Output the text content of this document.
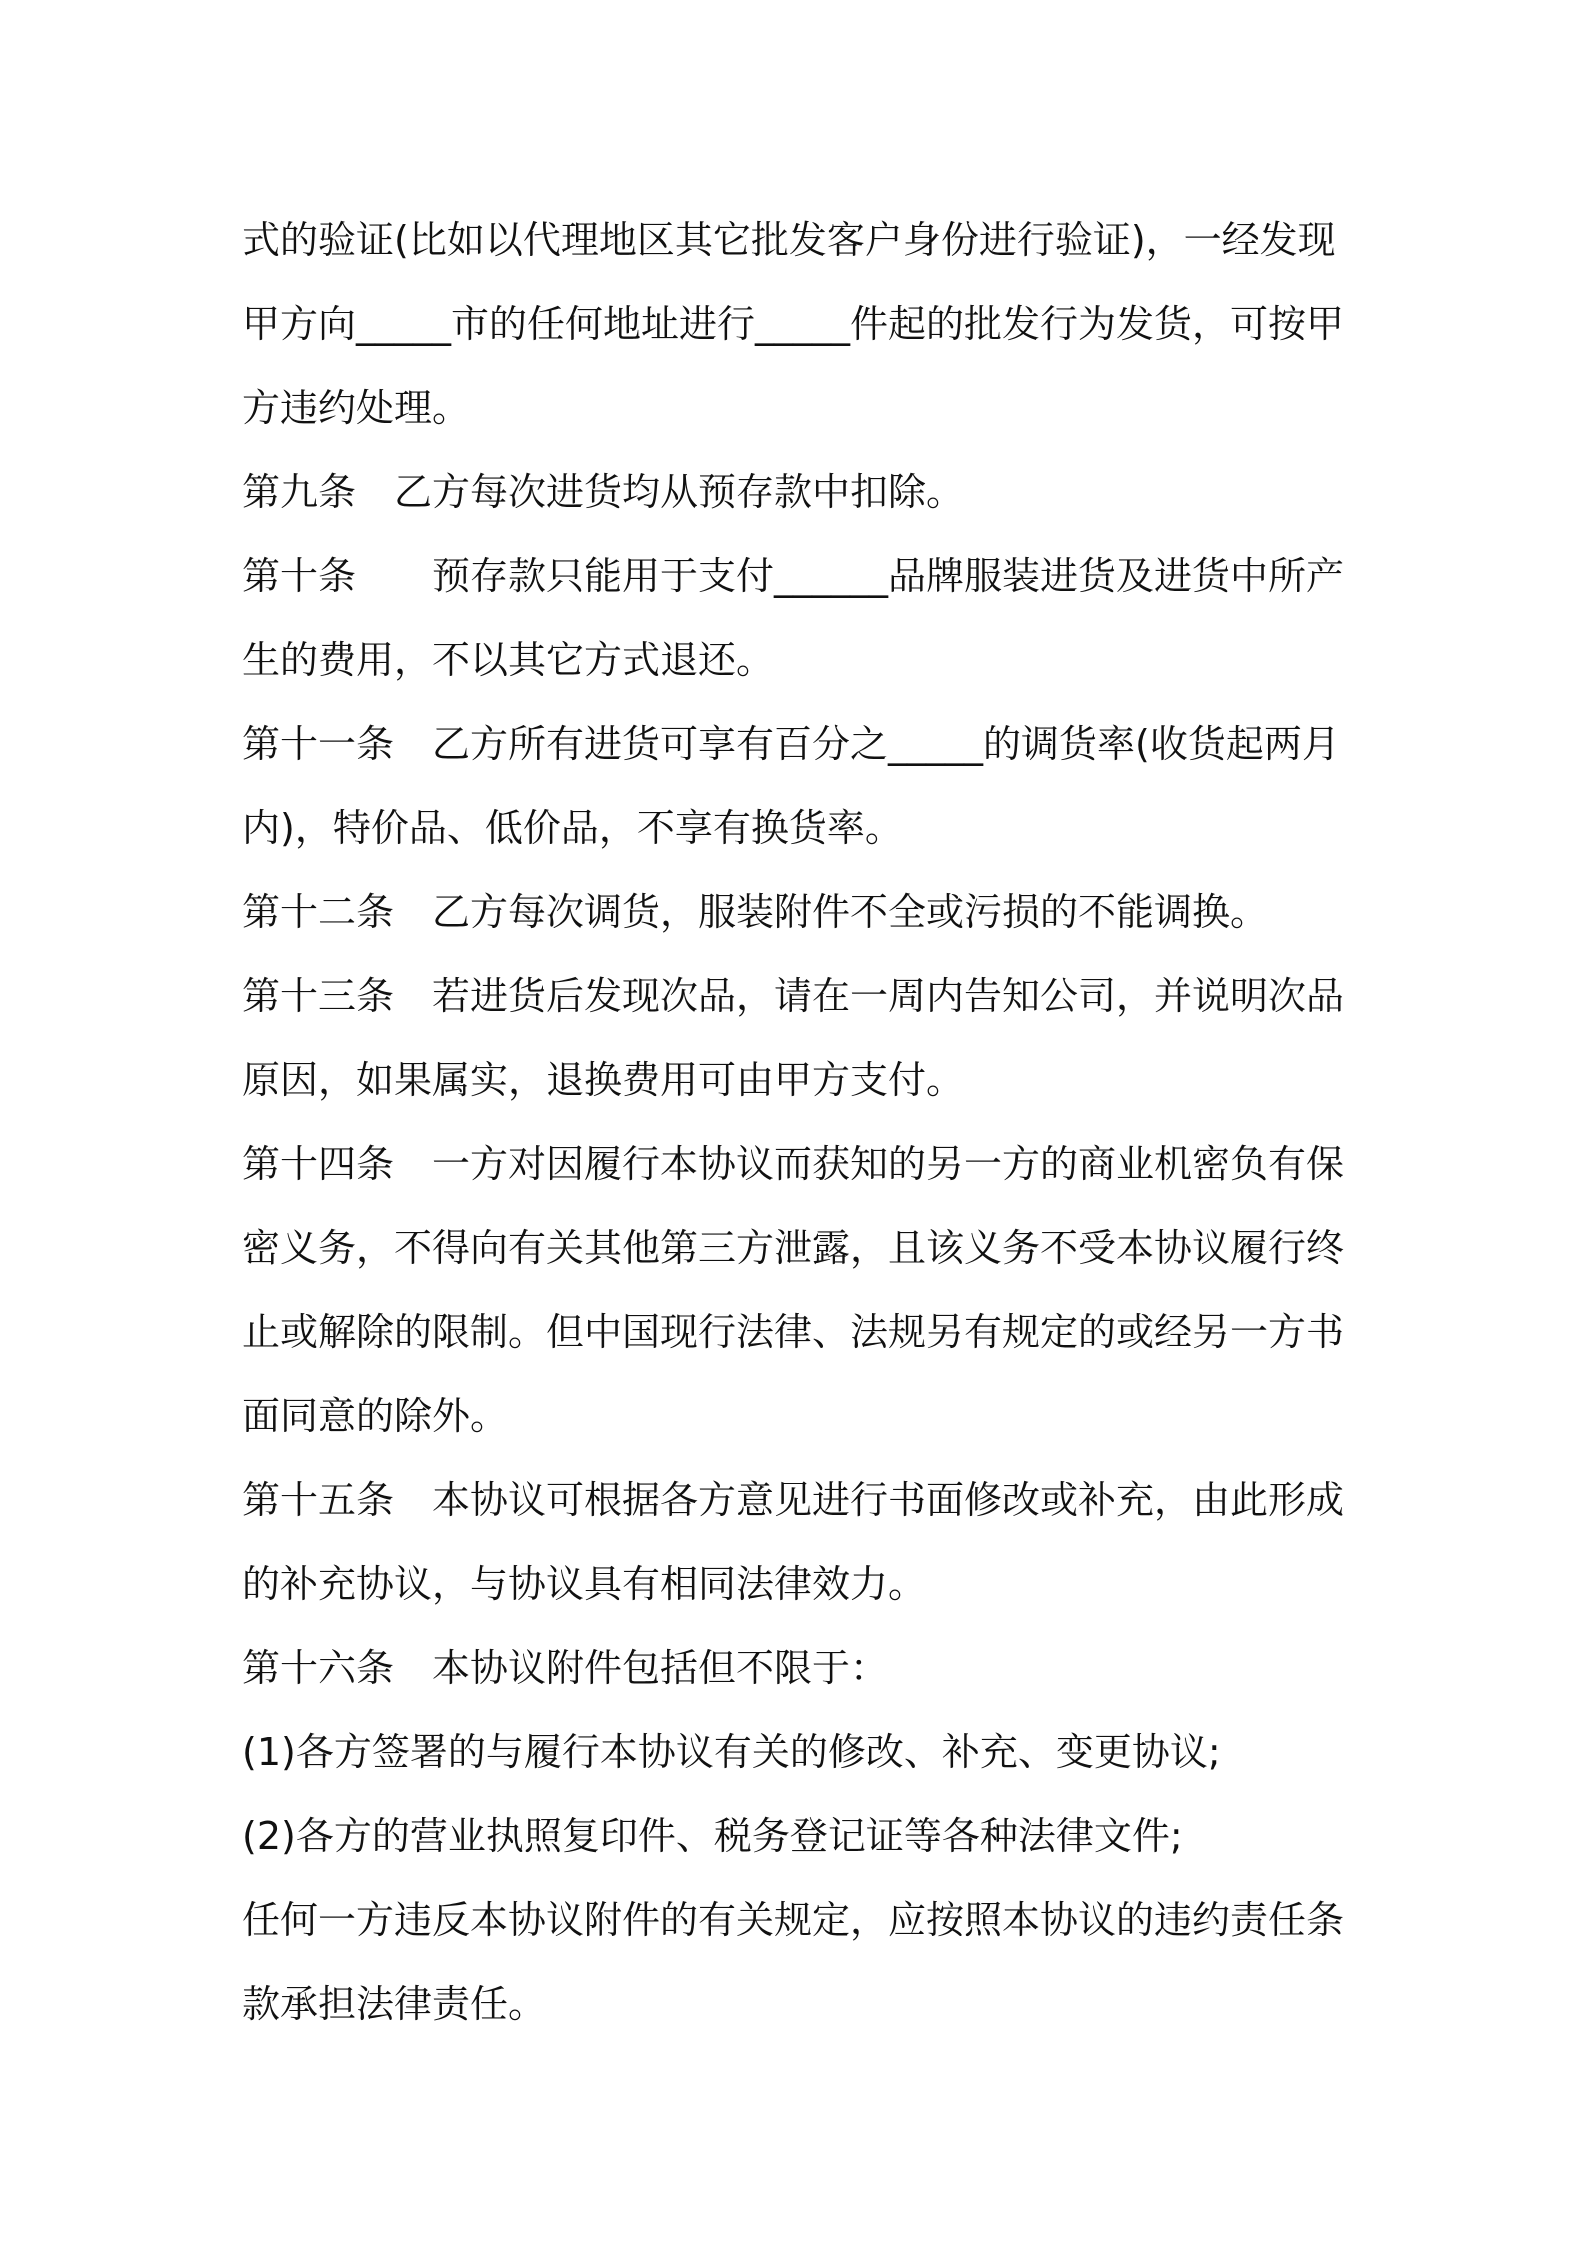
式的验证(比如以代理地区其它批发客户身份进行验证)，一经发现甲方向_____市的任何地址进行_____件起的批发行为发货，可按甲方违约处理。

第九条　乙方每次进货均从预存款中扣除。

第十条　　预存款只能用于支付______品牌服装进货及进货中所产生的费用，不以其它方式退还。

第十一条　乙方所有进货可享有百分之_____的调货率(收货起两月内)，特价品、低价品，不享有换货率。

第十二条　乙方每次调货，服装附件不全或污损的不能调换。

第十三条　若进货后发现次品，请在一周内告知公司，并说明次品原因，如果属实，退换费用可由甲方支付。

第十四条　一方对因履行本协议而获知的另一方的商业机密负有保密义务，不得向有关其他第三方泄露，且该义务不受本协议履行终止或解除的限制。但中国现行法律、法规另有规定的或经另一方书面同意的除外。

第十五条　本协议可根据各方意见进行书面修改或补充，由此形成的补充协议，与协议具有相同法律效力。

第十六条　本协议附件包括但不限于：

(1)各方签署的与履行本协议有关的修改、补充、变更协议;

(2)各方的营业执照复印件、税务登记证等各种法律文件;

任何一方违反本协议附件的有关规定，应按照本协议的违约责任条款承担法律责任。
